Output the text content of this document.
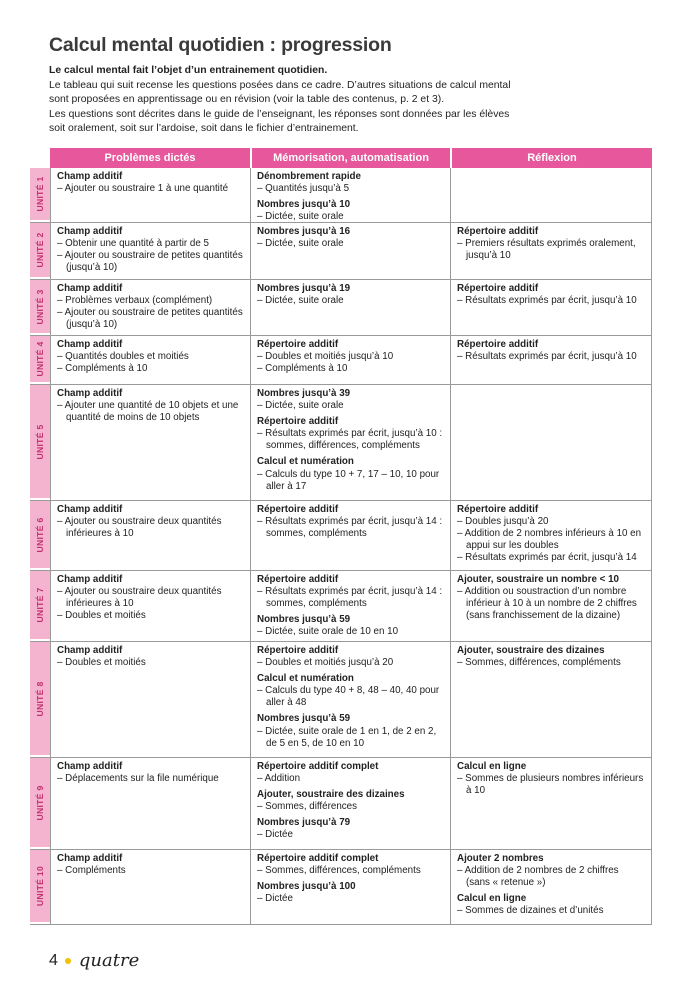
Calcul mental quotidien : progression
Le calcul mental fait l’objet d’un entrainement quotidien.
Le tableau qui suit recense les questions posées dans ce cadre. D’autres situations de calcul mental
sont proposées en apprentissage ou en révision (voir la table des contenus, p. 2 et 3).
Les questions sont décrites dans le guide de l’enseignant, les réponses sont données par les élèves
soit oralement, soit sur l’ardoise, soit dans le fichier d’entrainement.
Problèmes dictés	Mémorisation, automatisation	Réflexion
UNITÉ 1 Champ additif
– Ajouter ou soustraire 1 à une quantité
Dénombrement rapide
– Quantités jusqu’à 5
Nombres jusqu’à 10
– Dictée, suite orale
UNITÉ 2
Champ additif
– Obtenir une quantité à partir de 5
– Ajouter ou soustraire de petites quantités (jusqu’à 10)
Nombres jusqu’à 16
– Dictée, suite orale
Répertoire additif
– Premiers résultats exprimés oralement, jusqu’à 10
UNITÉ 3
Champ additif
– Problèmes verbaux (complément)
– Ajouter ou soustraire de petites quantités (jusqu’à 10)
Nombres jusqu’à 19
– Dictée, suite orale
Répertoire additif
– Résultats exprimés par écrit, jusqu’à 10
UNITÉ 4 Champ additif
– Quantités doubles et moitiés
– Compléments à 10
Répertoire additif
– Doubles et moitiés jusqu’à 10
– Compléments à 10
Répertoire additif
– Résultats exprimés par écrit, jusqu’à 10
UNITÉ 5
Champ additif
– Ajouter une quantité de 10 objets et une quantité de moins de 10 objets
Nombres jusqu’à 39
– Dictée, suite orale
Répertoire additif
– Résultats exprimés par écrit, jusqu’à 10 : sommes, différences, compléments
Calcul et numération
– Calculs du type 10 + 7, 17 – 10, 10 pour aller à 17
UNITÉ 6
Champ additif
– Ajouter ou soustraire deux quantités inférieures à 10
Répertoire additif
– Résultats exprimés par écrit, jusqu’à 14 : sommes, compléments
Répertoire additif
– Doubles jusqu’à 20
– Addition de 2 nombres inférieurs à 10 en appui sur les doubles
– Résultats exprimés par écrit, jusqu’à 14
UNITÉ 7
Champ additif
– Ajouter ou soustraire deux quantités inférieures à 10
– Doubles et moitiés
Répertoire additif
– Résultats exprimés par écrit, jusqu’à 14 : sommes, compléments
Nombres jusqu’à 59
– Dictée, suite orale de 10 en 10
Ajouter, soustraire un nombre < 10
– Addition ou soustraction d’un nombre inférieur à 10 à un nombre de 2 chiffres (sans franchissement de la dizaine)
UNITÉ 8
Champ additif
– Doubles et moitiés
Répertoire additif
– Doubles et moitiés jusqu’à 20
Calcul et numération
– Calculs du type 40 + 8, 48 – 40, 40 pour aller à 48
Nombres jusqu’à 59
– Dictée, suite orale de 1 en 1, de 2 en 2, de 5 en 5, de 10 en 10
Ajouter, soustraire des dizaines
– Sommes, différences, compléments
UNITÉ 9
Champ additif
– Déplacements sur la file numérique
Répertoire additif complet
– Addition
Ajouter, soustraire des dizaines
– Sommes, différences
Nombres jusqu’à 79
– Dictée
Calcul en ligne
– Sommes de plusieurs nombres inférieurs à 10
UNITÉ 10
Champ additif
– Compléments
Répertoire additif complet
– Sommes, différences, compléments
Nombres jusqu’à 100
– Dictée
Ajouter 2 nombres
– Addition de 2 nombres de 2 chiffres (sans « retenue »)
Calcul en ligne
– Sommes de dizaines et d’unités
4 quatre
